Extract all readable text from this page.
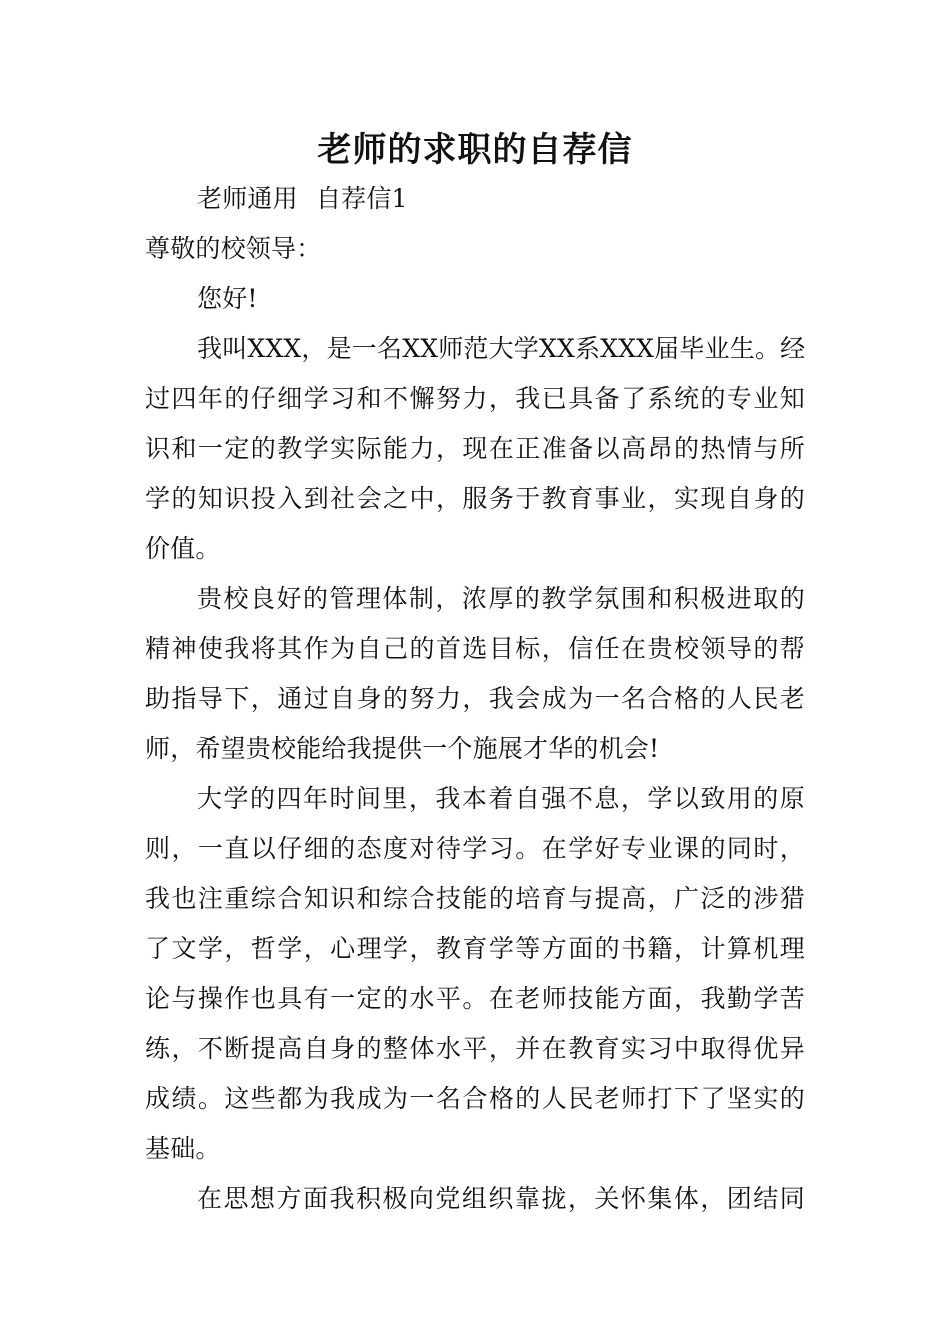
老师的求职的自荐信
老师通用 自荐信1
尊敬的校领导：
您好!
我叫XXX，是一名XX师范大学XX系XXX届毕业生。经
过四年的仔细学习和不懈努力，我已具备了系统的专业知
识和一定的教学实际能力，现在正准备以高昂的热情与所
学的知识投入到社会之中，服务于教育事业，实现自身的
价值。
贵校良好的管理体制，浓厚的教学氛围和积极进取的
精神使我将其作为自己的首选目标，信任在贵校领导的帮
助指导下，通过自身的努力，我会成为一名合格的人民老
师，希望贵校能给我提供一个施展才华的机会!
大学的四年时间里，我本着自强不息，学以致用的原
则，一直以仔细的态度对待学习。在学好专业课的同时，
我也注重综合知识和综合技能的培育与提高，广泛的涉猎
了文学，哲学，心理学，教育学等方面的书籍，计算机理
论与操作也具有一定的水平。在老师技能方面，我勤学苦
练，不断提高自身的整体水平，并在教育实习中取得优异
成绩。这些都为我成为一名合格的人民老师打下了坚实的
基础。
在思想方面我积极向党组织靠拢，关怀集体，团结同
